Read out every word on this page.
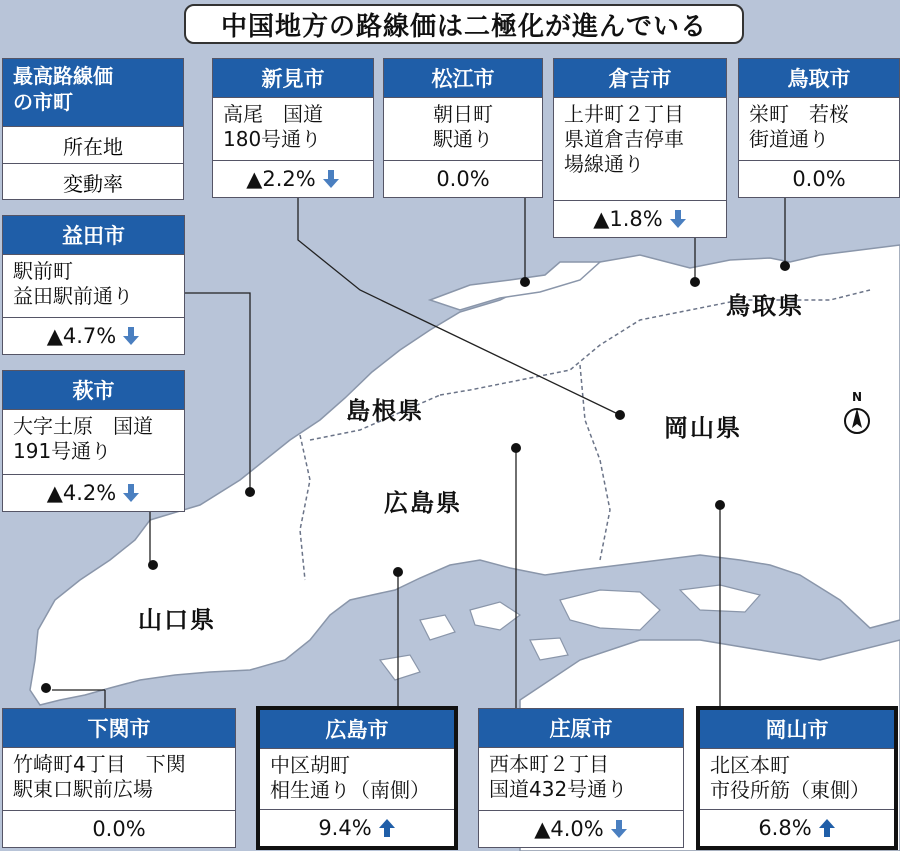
中国地方の路線価は二極化が進んでいる
最高路線価
の市町
所在地
変動率
鳥取県
島根県
岡山県
広島県
山口県
N
新見市
高尾　国道
180号通り
▲2.2%
松江市
朝日町
駅通り
0.0%
倉吉市
上井町２丁目
県道倉吉停車
場線通り
▲1.8%
鳥取市
栄町　若桜
街道通り
0.0%
益田市
駅前町
益田駅前通り
▲4.7%
萩市
大字土原　国道
191号通り
▲4.2%
下関市
竹崎町4丁目　下関
駅東口駅前広場
0.0%
広島市
中区胡町
相生通り（南側）
9.4%
庄原市
西本町２丁目
国道432号通り
▲4.0%
岡山市
北区本町
市役所筋（東側）
6.8%
